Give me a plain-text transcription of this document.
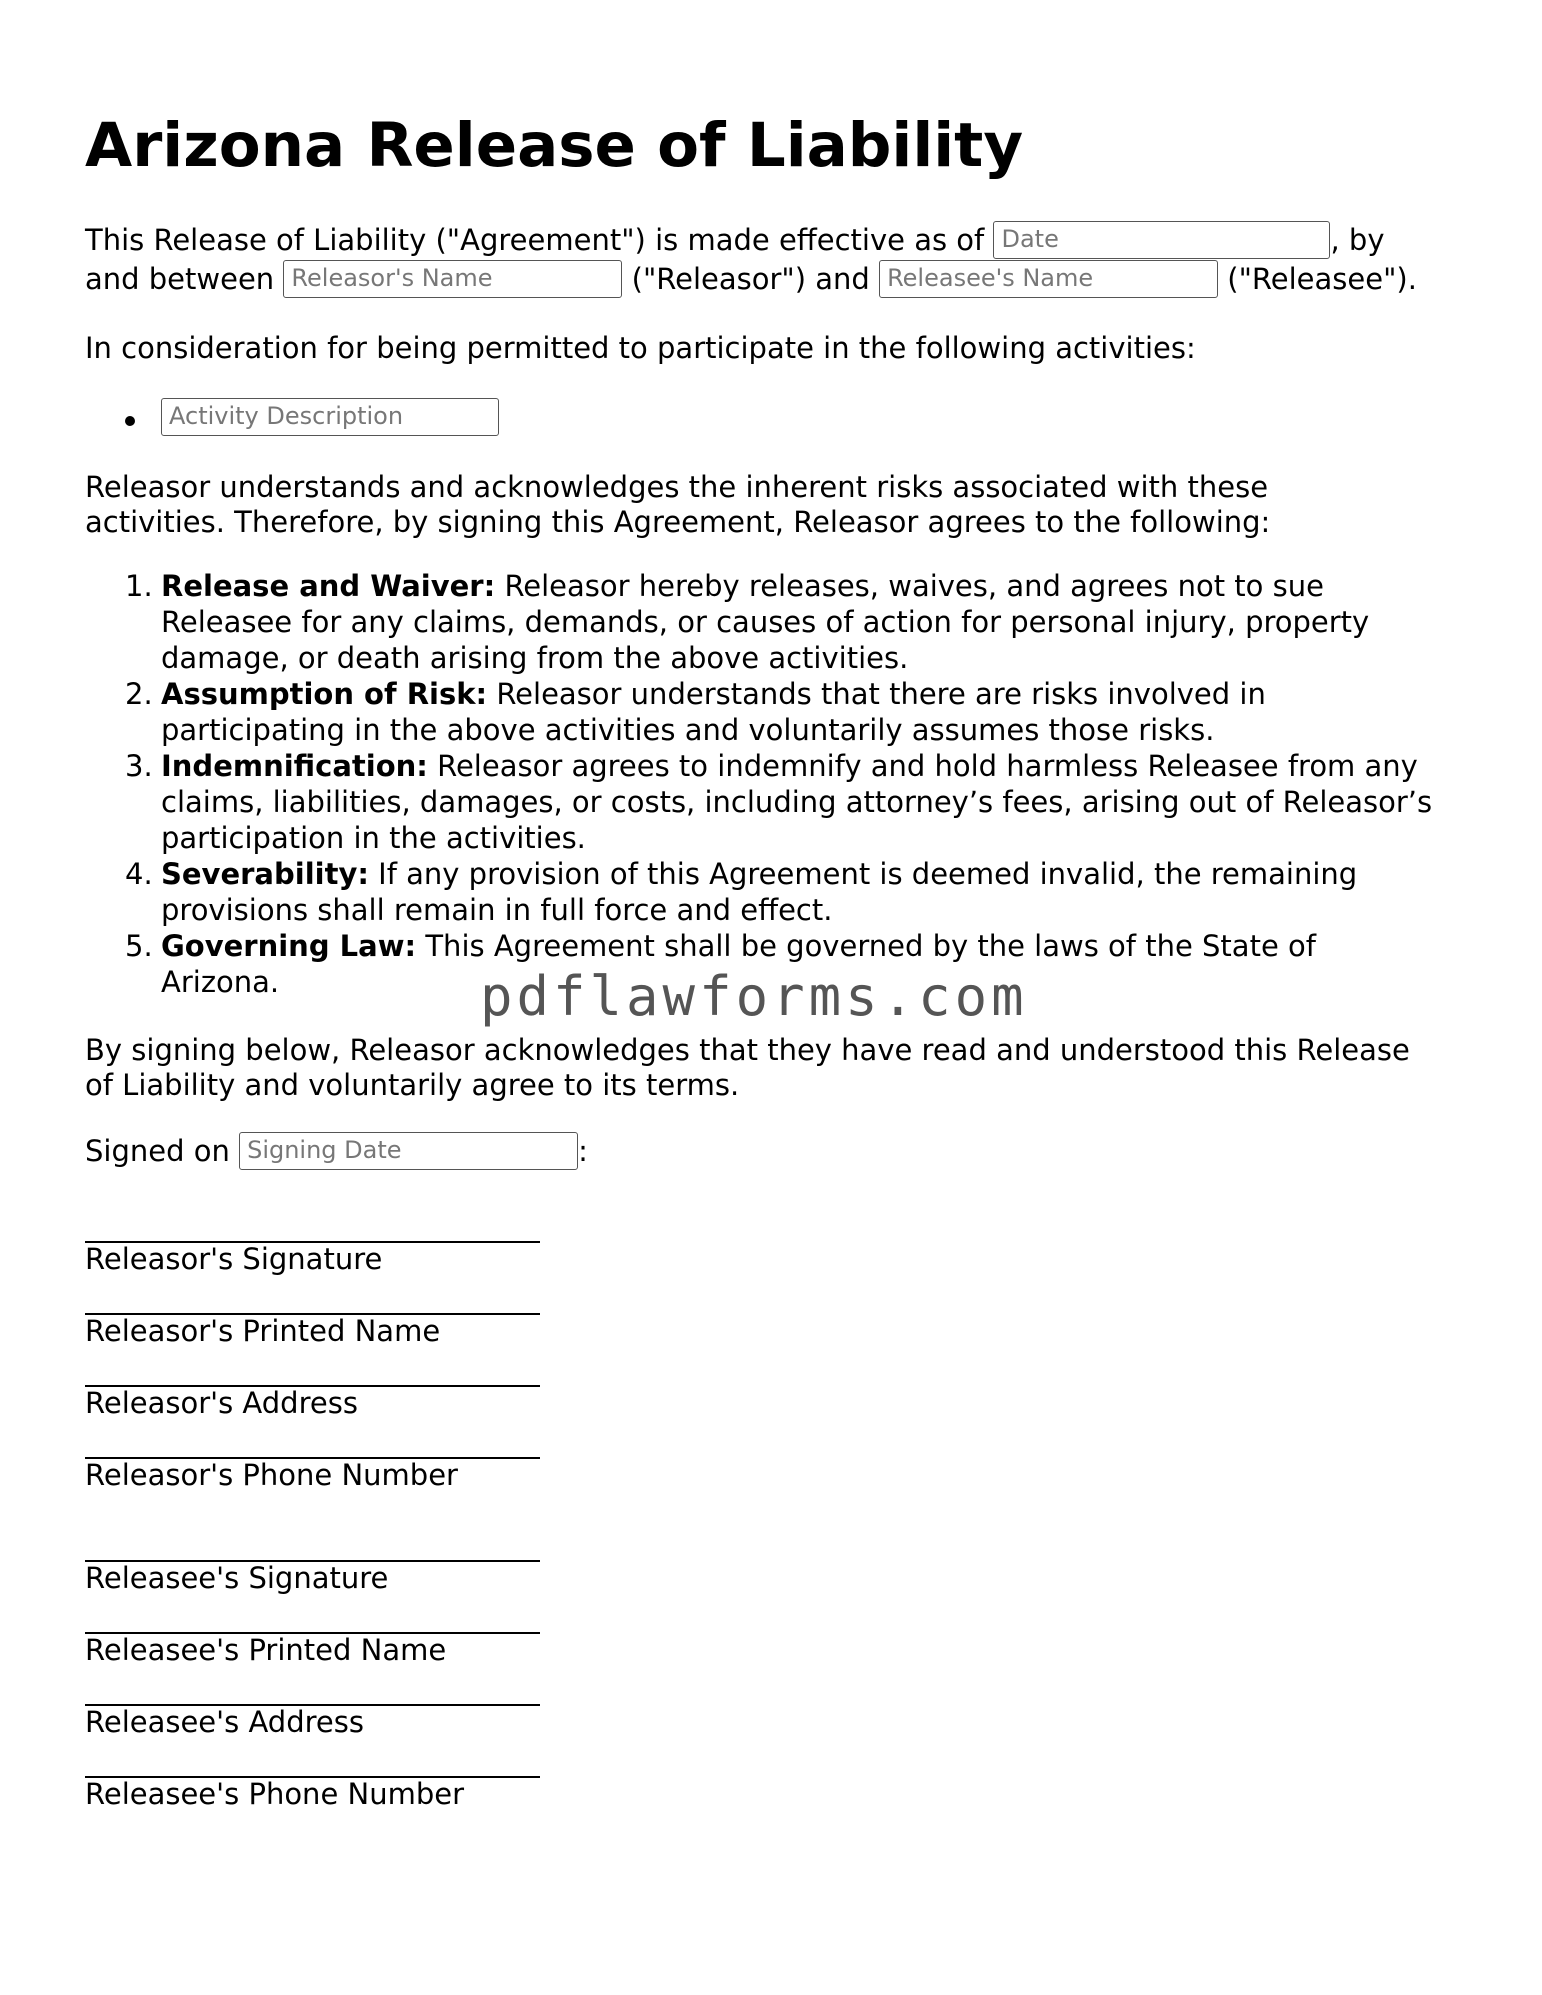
Arizona Release of Liability
This Release of Liability ("Agreement") is made effective as of Date	, by
and between Releasor's Name	("Releasor") and Releasee's Name	("Releasee").
In consideration for being permitted to participate in the following activities:
Activity Description
Releasor understands and acknowledges the inherent risks associated with these
activities. Therefore, by signing this Agreement, Releasor agrees to the following:
1. Release and Waiver: Releasor hereby releases, waives, and agrees not to sue Releasee for any claims, demands, or causes of action for personal injury, property damage, or death arising from the above activities.
2. Assumption of Risk: Releasor understands that there are risks involved in participating in the above activities and voluntarily assumes those risks.
3. Indemnification: Releasor agrees to indemnify and hold harmless Releasee from any claims, liabilities, damages, or costs, including attorney’s fees, arising out of Releasor’s participation in the activities.
4. Severability: If any provision of this Agreement is deemed invalid, the remaining provisions shall remain in full force and effect.
5. Governing Law: This Agreement shall be governed by the laws of the State of Arizona.	pdflawforms.com
By signing below, Releasor acknowledges that they have read and understood this Release
of Liability and voluntarily agree to its terms.
Signed on Signing Date	:
Releasor's Signature
Releasor's Printed Name
Releasor's Address
Releasor's Phone Number
Releasee's Signature
Releasee's Printed Name
Releasee's Address
Releasee's Phone Number
